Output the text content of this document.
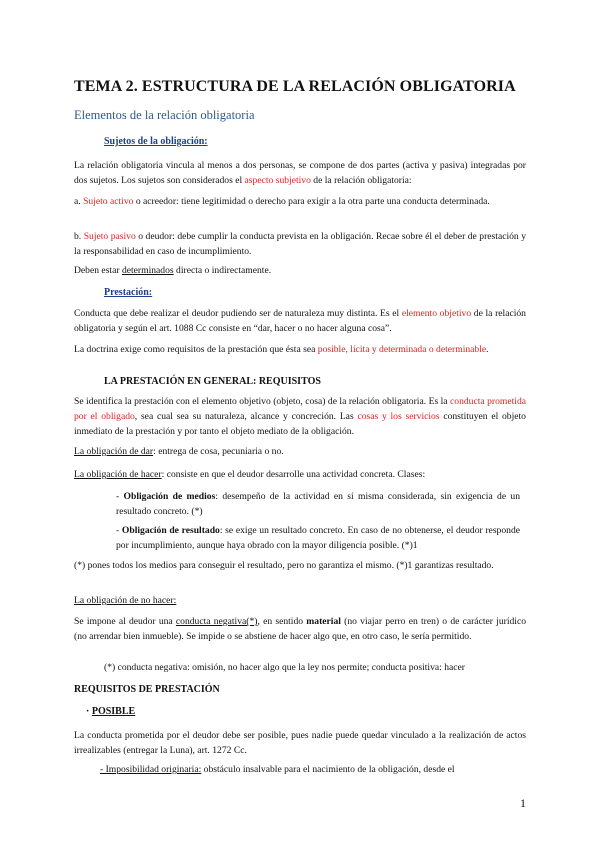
TEMA 2. ESTRUCTURA DE LA RELACIÓN OBLIGATORIA

Elementos de la relación obligatoria

Sujetos de la obligación:

La relación obligatoria vincula al menos a dos personas, se compone de dos partes (activa y pasiva) integradas por dos sujetos. Los sujetos son considerados el aspecto subjetivo de la relación obligatoria:

a. Sujeto activo o acreedor: tiene legitimidad o derecho para exigir a la otra parte una conducta determinada.

b. Sujeto pasivo o deudor: debe cumplir la conducta prevista en la obligación. Recae sobre él el deber de prestación y la responsabilidad en caso de incumplimiento.

Deben estar determinados directa o indirectamente.

Prestación:

Conducta que debe realizar el deudor pudiendo ser de naturaleza muy distinta. Es el elemento objetivo de la relación obligatoria y según el art. 1088 Cc consiste en “dar, hacer o no hacer alguna cosa”.

La doctrina exige como requisitos de la prestación que ésta sea posible, lícita y determinada o determinable.

LA PRESTACIÓN EN GENERAL: REQUISITOS

Se identifica la prestación con el elemento objetivo (objeto, cosa) de la relación obligatoria. Es la conducta prometida por el obligado, sea cual sea su naturaleza, alcance y concreción. Las cosas y los servicios constituyen el objeto inmediato de la prestación y por tanto el objeto mediato de la obligación.

La obligación de dar: entrega de cosa, pecuniaria o no.

La obligación de hacer: consiste en que el deudor desarrolle una actividad concreta. Clases:

- Obligación de medios: desempeño de la actividad en sí misma considerada, sin exigencia de un resultado concreto. (*)

- Obligación de resultado: se exige un resultado concreto. En caso de no obtenerse, el deudor responde por incumplimiento, aunque haya obrado con la mayor diligencia posible. (*)1

(*) pones todos los medios para conseguir el resultado, pero no garantiza el mismo. (*)1 garantizas resultado.

La obligación de no hacer:

Se impone al deudor una conducta negativa(*), en sentido material (no viajar perro en tren) o de carácter jurídico (no arrendar bien inmueble). Se impide o se abstiene de hacer algo que, en otro caso, le sería permitido.

(*) conducta negativa: omisión, no hacer algo que la ley nos permite; conducta positiva: hacer

REQUISITOS DE PRESTACIÓN

· POSIBLE

La conducta prometida por el deudor debe ser posible, pues nadie puede quedar vinculado a la realización de actos irrealizables (entregar la Luna), art. 1272 Cc.

- Imposibilidad originaria: obstáculo insalvable para el nacimiento de la obligación, desde el

1
